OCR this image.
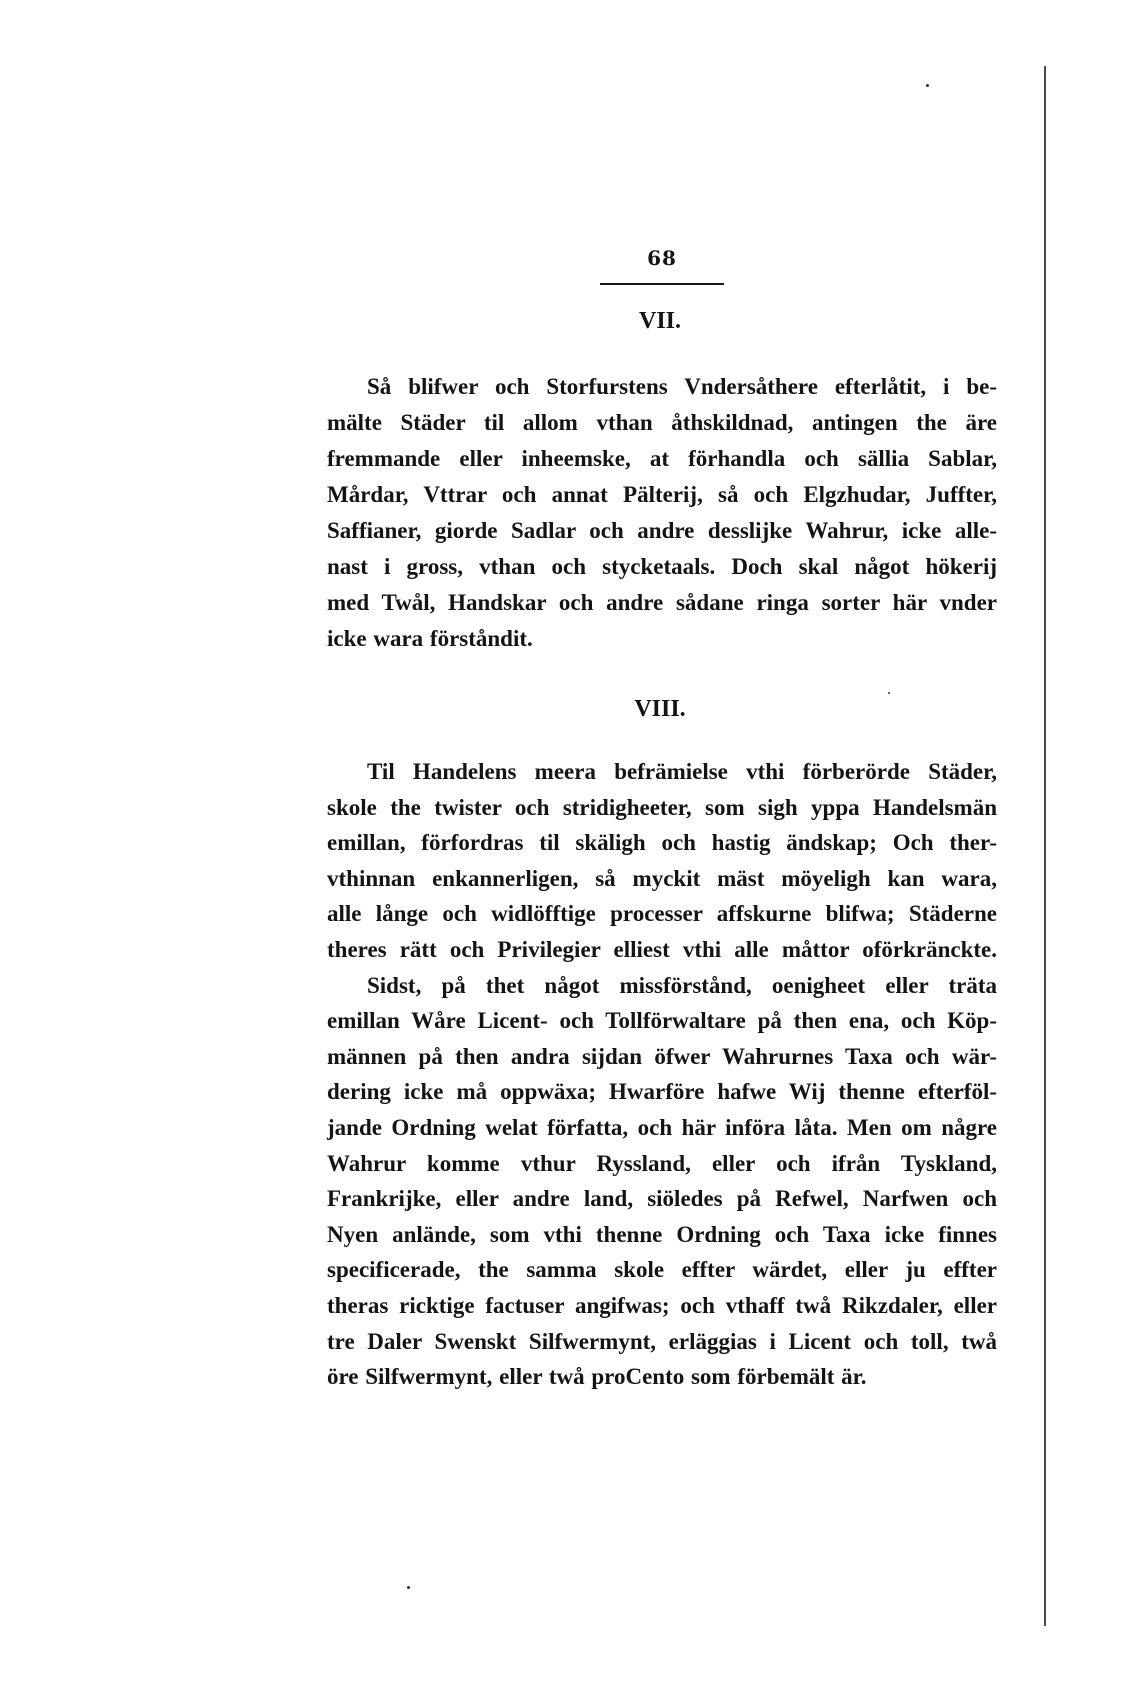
68
VII.
Så blifwer och Storfurstens Vndersåthere efterlåtit, i be-
mälte Städer til allom vthan åthskildnad, antingen the äre
fremmande eller inheemske, at förhandla och sällia Sablar,
Mårdar, Vttrar och annat Pälterij, så och Elgzhudar, Juffter,
Saffianer, giorde Sadlar och andre desslijke Wahrur, icke alle-
nast i gross, vthan och stycketaals. Doch skal något hökerij
med Twål, Handskar och andre sådane ringa sorter här vnder
icke wara förståndit.
VIII.
Til Handelens meera befrämielse vthi förberörde Städer,
skole the twister och stridigheeter, som sigh yppa Handelsmän
emillan, förfordras til skäligh och hastig ändskap; Och ther-
vthinnan enkannerligen, så myckit mäst möyeligh kan wara,
alle långe och widlöfftige processer affskurne blifwa; Städerne
theres rätt och Privilegier elliest vthi alle måttor oförkränckte.
Sidst, på thet något missförstånd, oenigheet eller träta
emillan Wåre Licent- och Tollförwaltare på then ena, och Köp-
männen på then andra sijdan öfwer Wahrurnes Taxa och wär-
dering icke må oppwäxa; Hwarföre hafwe Wij thenne efterföl-
jande Ordning welat författa, och här införa låta. Men om någre
Wahrur komme vthur Ryssland, eller och ifrån Tyskland,
Frankrijke, eller andre land, siöledes på Refwel, Narfwen och
Nyen anlände, som vthi thenne Ordning och Taxa icke finnes
specificerade, the samma skole effter wärdet, eller ju effter
theras ricktige factuser angifwas; och vthaff twå Rikzdaler, eller
tre Daler Swenskt Silfwermynt, erläggias i Licent och toll, twå
öre Silfwermynt, eller twå proCento som förbemält är.
